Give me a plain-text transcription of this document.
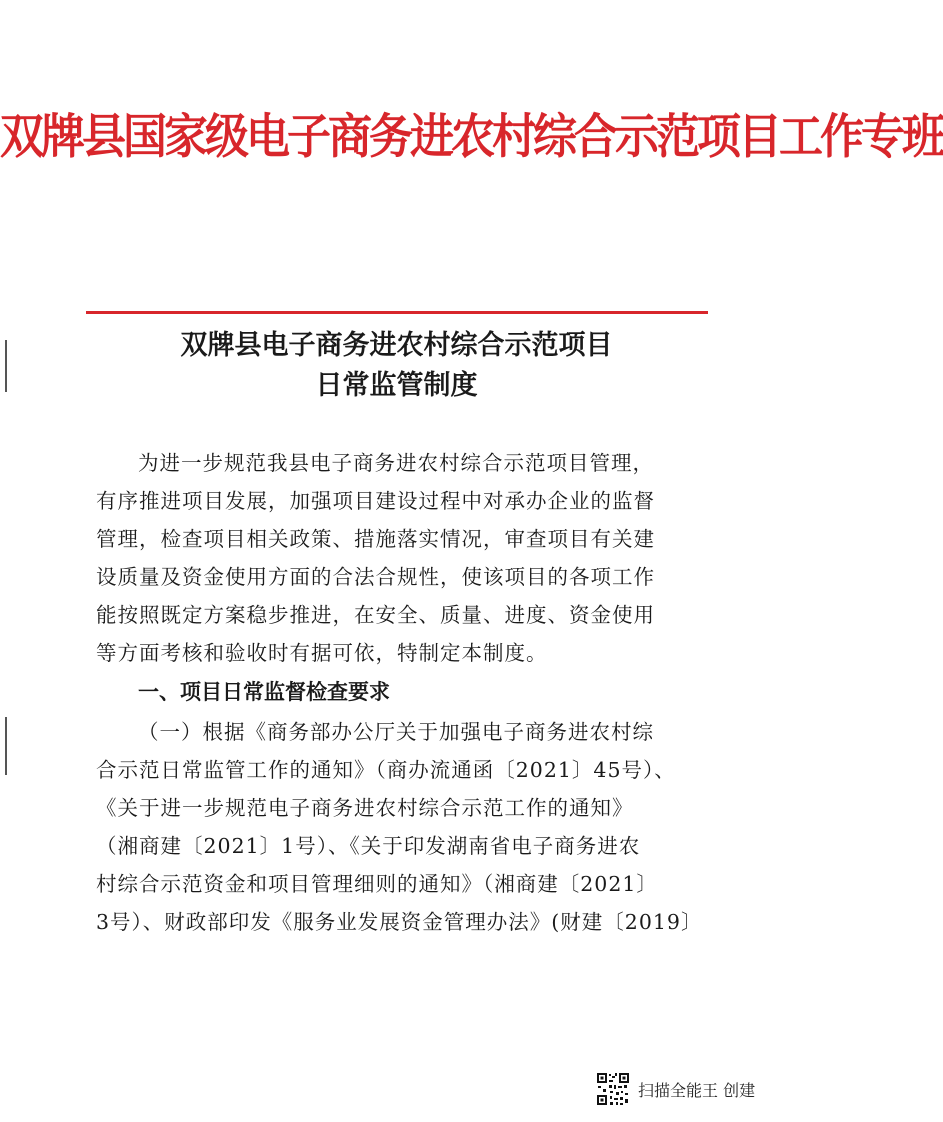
双牌县国家级电子商务进农村综合示范项目工作专班
双牌县电子商务进农村综合示范项目
日常监管制度
为进一步规范我县电子商务进农村综合示范项目管理，
有序推进项目发展，加强项目建设过程中对承办企业的监督
管理，检查项目相关政策、措施落实情况，审查项目有关建
设质量及资金使用方面的合法合规性，使该项目的各项工作
能按照既定方案稳步推进，在安全、质量、进度、资金使用
等方面考核和验收时有据可依，特制定本制度。
一、项目日常监督检查要求
（一）根据《商务部办公厅关于加强电子商务进农村综
合示范日常监管工作的通知》（商办流通函〔2021〕45号）、
《关于进一步规范电子商务进农村综合示范工作的通知》
（湘商建〔2021〕1号）、《关于印发湖南省电子商务进农
村综合示范资金和项目管理细则的通知》（湘商建〔2021〕
3号）、财政部印发《服务业发展资金管理办法》(财建〔2019〕
扫描全能王 创建
